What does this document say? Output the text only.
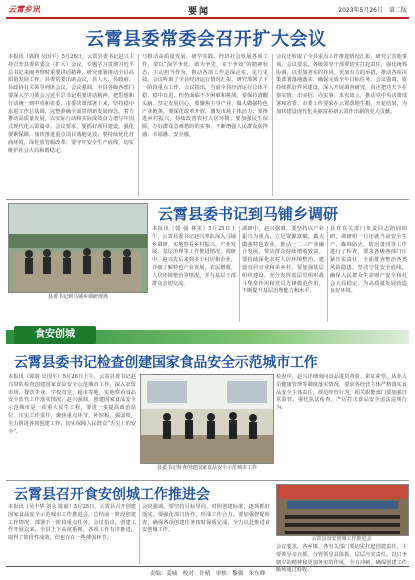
云霄乡讯	要闻	2023年5月26日　第二版
云霄县委常委会召开扩大会议
本报讯（郭润 吴国平）5月26日，云霄县委书记赵兴主持召开县委常委会（扩大）会议，专题学习贯彻习近平总书记来闽考察时重要讲话精神，研究部署推动全县高质量发展工作。县委常委出席会议，县人大、县政府、县政协有关领导列席会议。会议强调，全县各级各部门要深入学习领会习近平总书记重要讲话精神，把思想和行动统一到中央和省委、市委决策部署上来，坚持稳中求进工作总基调，完整准确全面贯彻新发展理念，着力推动高质量发展，以实际行动和实际成效奋力谱写中国式现代化云霄篇章。会议要求，要抓好项目建设，强化要素保障，加快推进重点项目落地见效；要持续优化营商环境，深化放管服改革；要守牢安全生产底线，切实维护社会大局和谐稳定。
与推动高质量发展、研学实践、经济社会发展各项工作，要以“深学争优、敢为争先、实干争效”的精神状态，主动担当作为，推动各项工作走深走实、见行见效。会议听取了全县经济运行情况汇报，研究部署了下一阶段重点工作。会议指出，当前全县经济运行总体平稳、稳中有进，但仍面临不少困难和挑战，要保持清醒头脑，坚定发展信心。要聚焦主导产业，做大做强特色产业链条，要深化改革开放，激发市场主体活力；要推进乡村振兴，持续改善农村人居环境；要加强民生保障，办好群众急难愁盼的实事，不断增强人民群众获得感、幸福感、安全感。
会议还听取了全县重点工作推进情况汇报，研究了其他事项。会议要求，各级领导干部要切实扛起责任，强化统筹协调，以更加务实的作风、更加有力的举措，推动各项决策部署落地落实，确保完成全年目标任务。会议强调，要持续抓好作风建设，深入开展调查研究，真正把功夫下在察实情、出实招、办实事、求实效上，推动党中央决策部署和省委、市委工作要求在云霄落地生根、开花结果，为加快建设现代化美丽富裕新云霄作出新的更大贡献。
县委书记到马铺乡调研现场
云霄县委书记到马铺乡调研
本报讯（郭 强 林美）5月25日上午，云霄县委书记赵兴率队深入马铺乡调研，实地察看乡村振兴、产业发展、基层治理等工作推进情况。调研中，赵兴先后来到多个村居和企业，详细了解特色产业发展、农民增收、人居环境整治等情况，并与基层干部群众亲切交流。
调研中，赵兴强调，要坚持以产业振兴为重点，立足资源禀赋，做大做强特色农业，推动一二三产业融合发展，带动群众持续增收致富。要持续深化农村人居环境整治，建设宜居宜业和美乡村。要加强基层组织建设，充分发挥基层党组织战斗堡垒作用和党员先锋模范作用，不断提升基层治理能力和水平。
县直有关部门负责同志陪同调研。调研组一行还就当前安全生产、森林防火、防汛备汛等工作进行了检查，要求各级各部门压紧压实责任，全面排查整治各类风险隐患，坚决守住安全底线，确保人民群众生命财产安全和社会大局稳定，为高质量发展营造良好环境。
食安创城
云霄县委书记检查创建国家食品安全示范城市工作
本报讯（郭润 吴国平）5月26日上午，云霄县委书记赵兴带队检查创建国家食品安全示范城市工作，深入农贸市场、餐饮企业、学校食堂、超市等地，实地察看食品安全监管工作落实情况。赵兴强调，创建国家食品安全示范城市是一项重大民生工程，要进一步提高政治站位，压实工作责任，聚焦重点环节，补短板、强弱项，全力推进各项创建工作，切实保障人民群众“舌尖上的安全”。
县委书记检查创建国家食品安全示范城市工作
检查中，赵兴详细询问食品进货查验、索证索票、从业人员健康管理等制度落实情况，要求各经营主体严格落实食品安全主体责任，规范经营行为。相关职能部门要加强日常监管，强化执法检查，严厉打击食品安全违法违规行为。
云霄县召开食安创城工作推进会
本报讯（吴丰华 刘永 陈丽）5月25日，云霄县召开创建国家食品安全示范城市工作推进会，总结前一阶段创建工作情况，部署下一阶段重点任务。会议指出，创建工作开展以来，全县上下高度重视，各项工作有序推进，取得了阶段性成效，但也存在一些薄弱环节。
会议强调，要坚持目标导向，对照创建标准，逐项抓好落实。要强化部门协作，形成工作合力。要加强督促检查，确保各项创建任务按时保质完成，全力以赴推进食安创城工作。
云霄县食安创城工作推进会
会议要求，各乡镇、各有关部门要切实扛起创建责任，主要领导亲自抓、分管领导具体抓，层层压实责任，以只争朝夕的精神和更加务实的作风，全力冲刺，确保创建工作顺利通过验收。
责编：姜城　校对：许晴　审核：黎强　朱东峰
